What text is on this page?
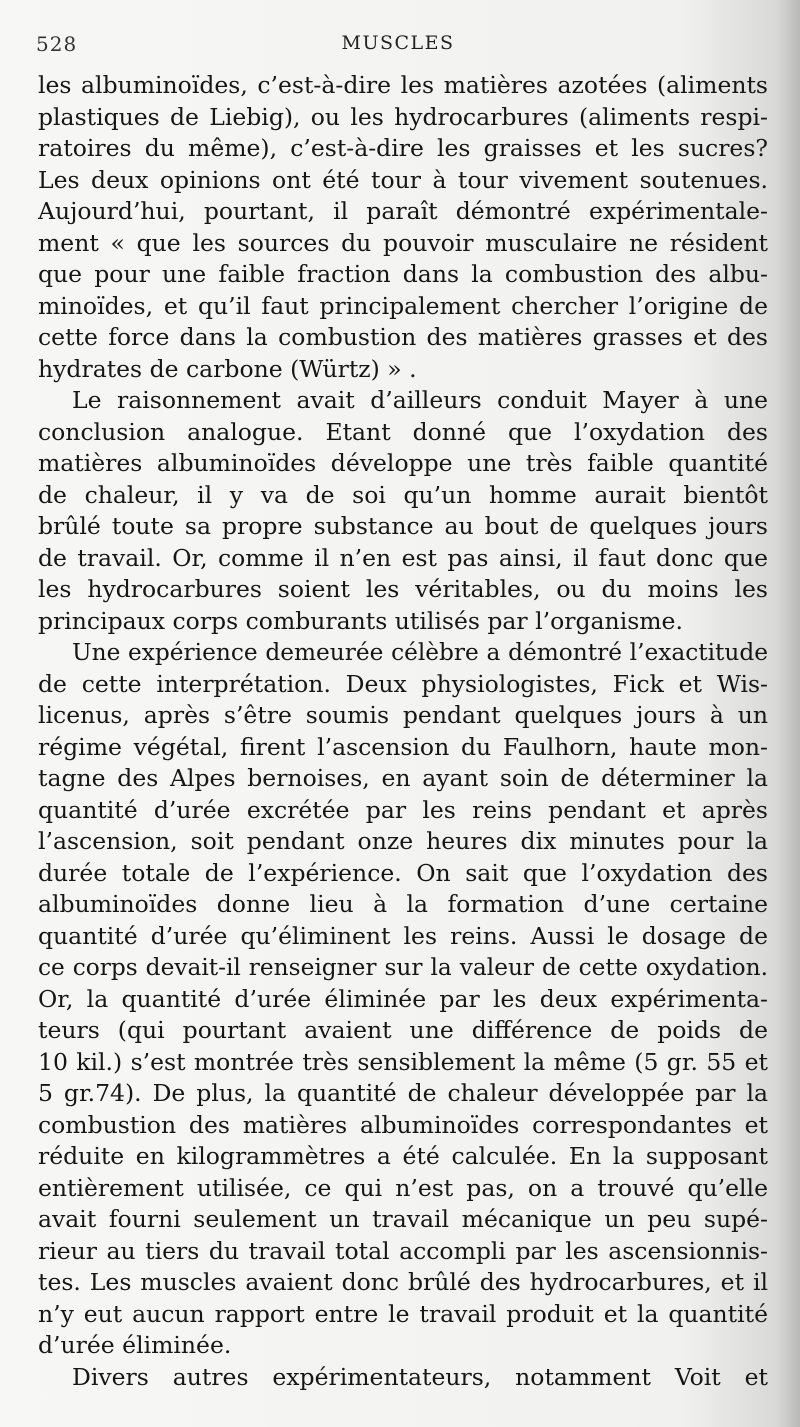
528	MUSCLES
les albuminoïdes, c’est-à-dire les matières azotées (aliments
plastiques de Liebig), ou les hydrocarbures (aliments respi-
ratoires du même), c’est-à-dire les graisses et les sucres?
Les deux opinions ont été tour à tour vivement soutenues.
Aujourd’hui, pourtant, il paraît démontré expérimentale-
ment « que les sources du pouvoir musculaire ne résident
que pour une faible fraction dans la combustion des albu-
minoïdes, et qu’il faut principalement chercher l’origine de
cette force dans la combustion des matières grasses et des
hydrates de carbone (Würtz) » .
Le raisonnement avait d’ailleurs conduit Mayer à une
conclusion analogue. Etant donné que l’oxydation des
matières albuminoïdes développe une très faible quantité
de chaleur, il y va de soi qu’un homme aurait bientôt
brûlé toute sa propre substance au bout de quelques jours
de travail. Or, comme il n’en est pas ainsi, il faut donc que
les hydrocarbures soient les véritables, ou du moins les
principaux corps comburants utilisés par l’organisme.
Une expérience demeurée célèbre a démontré l’exactitude
de cette interprétation. Deux physiologistes, Fick et Wis-
licenus, après s’être soumis pendant quelques jours à un
régime végétal, firent l’ascension du Faulhorn, haute mon-
tagne des Alpes bernoises, en ayant soin de déterminer la
quantité d’urée excrétée par les reins pendant et après
l’ascension, soit pendant onze heures dix minutes pour la
durée totale de l’expérience. On sait que l’oxydation des
albuminoïdes donne lieu à la formation d’une certaine
quantité d’urée qu’éliminent les reins. Aussi le dosage de
ce corps devait-il renseigner sur la valeur de cette oxydation.
Or, la quantité d’urée éliminée par les deux expérimenta-
teurs (qui pourtant avaient une différence de poids de
10 kil.) s’est montrée très sensiblement la même (5 gr. 55 et
5 gr.74). De plus, la quantité de chaleur développée par la
combustion des matières albuminoïdes correspondantes et
réduite en kilogrammètres a été calculée. En la supposant
entièrement utilisée, ce qui n’est pas, on a trouvé qu’elle
avait fourni seulement un travail mécanique un peu supé-
rieur au tiers du travail total accompli par les ascensionnis-
tes. Les muscles avaient donc brûlé des hydrocarbures, et il
n’y eut aucun rapport entre le travail produit et la quantité
d’urée éliminée.
Divers autres expérimentateurs, notamment Voit et
